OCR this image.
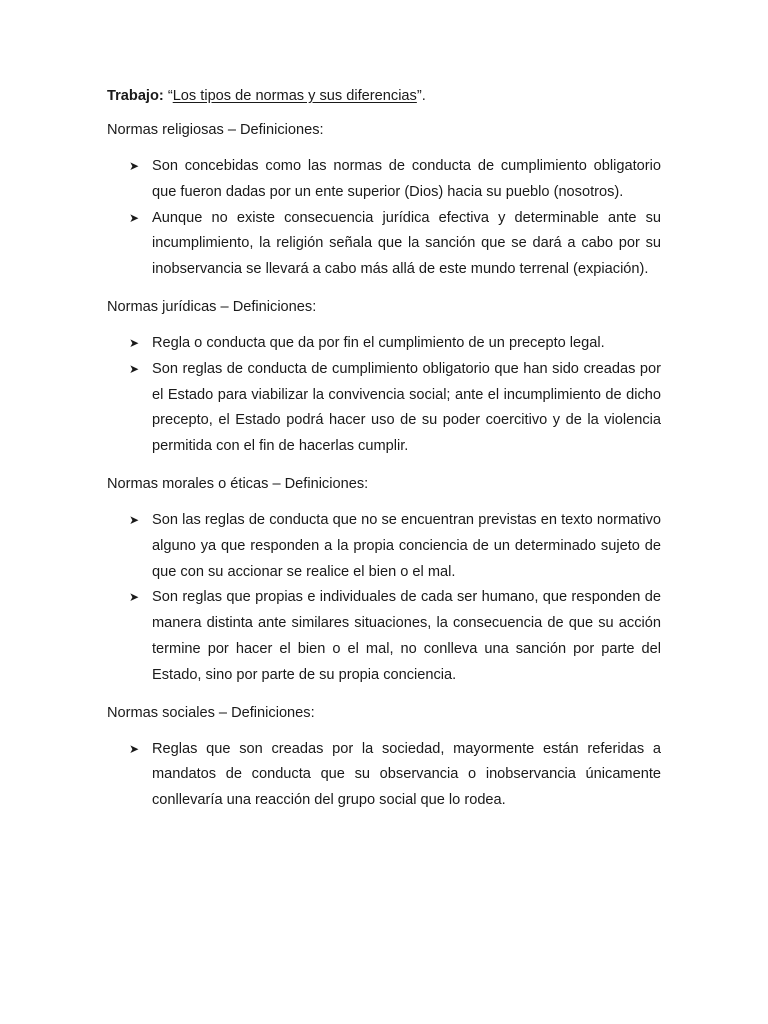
Trabajo: “Los tipos de normas y sus diferencias”.

Normas religiosas – Definiciones:

➤ Son concebidas como las normas de conducta de cumplimiento obligatorio que fueron dadas por un ente superior (Dios) hacia su pueblo (nosotros).
➤ Aunque no existe consecuencia jurídica efectiva y determinable ante su incumplimiento, la religión señala que la sanción que se dará a cabo por su inobservancia se llevará a cabo más allá de este mundo terrenal (expiación).

Normas jurídicas – Definiciones:

➤ Regla o conducta que da por fin el cumplimiento de un precepto legal.
➤ Son reglas de conducta de cumplimiento obligatorio que han sido creadas por el Estado para viabilizar la convivencia social; ante el incumplimiento de dicho precepto, el Estado podrá hacer uso de su poder coercitivo y de la violencia permitida con el fin de hacerlas cumplir.

Normas morales o éticas – Definiciones:

➤ Son las reglas de conducta que no se encuentran previstas en texto normativo alguno ya que responden a la propia conciencia de un determinado sujeto de que con su accionar se realice el bien o el mal.
➤ Son reglas que propias e individuales de cada ser humano, que responden de manera distinta ante similares situaciones, la consecuencia de que su acción termine por hacer el bien o el mal, no conlleva una sanción por parte del Estado, sino por parte de su propia conciencia.

Normas sociales – Definiciones:

➤ Reglas que son creadas por la sociedad, mayormente están referidas a mandatos de conducta que su observancia o inobservancia únicamente conllevaría una reacción del grupo social que lo rodea.
